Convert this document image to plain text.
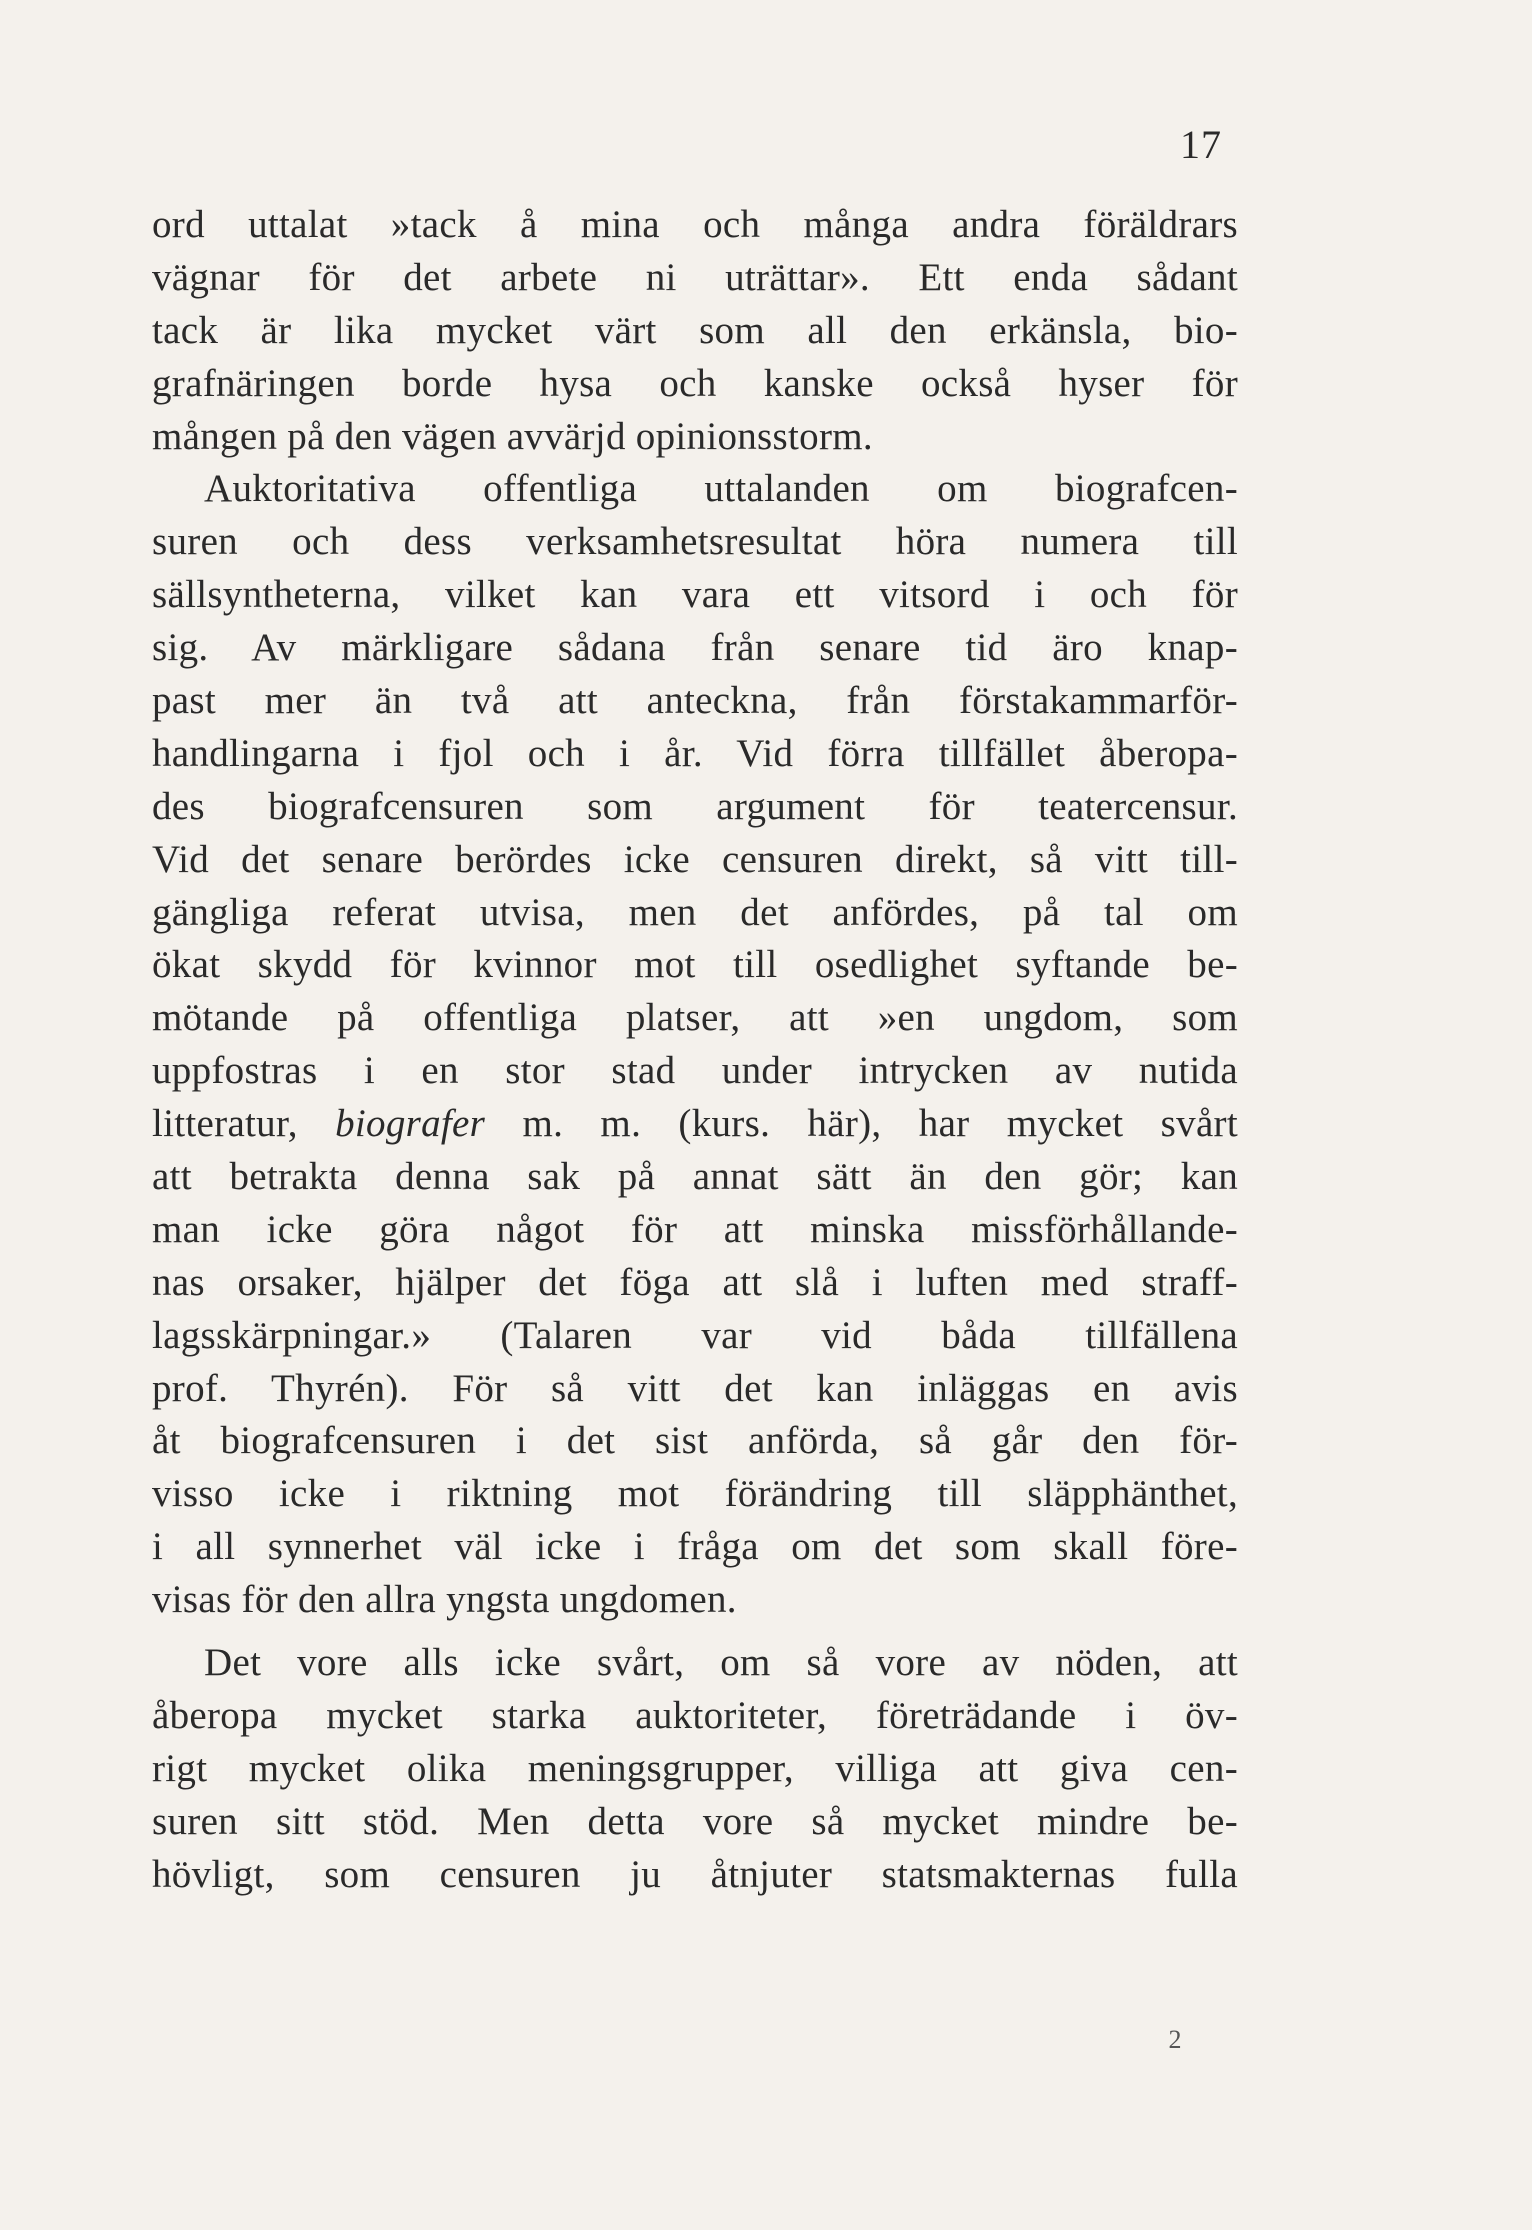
17
ord uttalat »tack å mina och många andra föräldrars
vägnar för det arbete ni uträttar». Ett enda sådant
tack är lika mycket värt som all den erkänsla, bio-
grafnäringen borde hysa och kanske också hyser för
mången på den vägen avvärjd opinionsstorm.
Auktoritativa offentliga uttalanden om biografcen-
suren och dess verksamhetsresultat höra numera till
sällsyntheterna, vilket kan vara ett vitsord i och för
sig. Av märkligare sådana från senare tid äro knap-
past mer än två att anteckna, från förstakammarför-
handlingarna i fjol och i år. Vid förra tillfället åberopa-
des biografcensuren som argument för teatercensur.
Vid det senare berördes icke censuren direkt, så vitt till-
gängliga referat utvisa, men det anfördes, på tal om
ökat skydd för kvinnor mot till osedlighet syftande be-
mötande på offentliga platser, att »en ungdom, som
uppfostras i en stor stad under intrycken av nutida
litteratur, biografer m. m. (kurs. här), har mycket svårt
att betrakta denna sak på annat sätt än den gör; kan
man icke göra något för att minska missförhållande-
nas orsaker, hjälper det föga att slå i luften med straff-
lagsskärpningar.» (Talaren var vid båda tillfällena
prof. Thyrén). För så vitt det kan inläggas en avis
åt biografcensuren i det sist anförda, så går den för-
visso icke i riktning mot förändring till släpphänthet,
i all synnerhet väl icke i fråga om det som skall före-
visas för den allra yngsta ungdomen.
Det vore alls icke svårt, om så vore av nöden, att
åberopa mycket starka auktoriteter, företrädande i öv-
rigt mycket olika meningsgrupper, villiga att giva cen-
suren sitt stöd. Men detta vore så mycket mindre be-
hövligt, som censuren ju åtnjuter statsmakternas fulla
2
